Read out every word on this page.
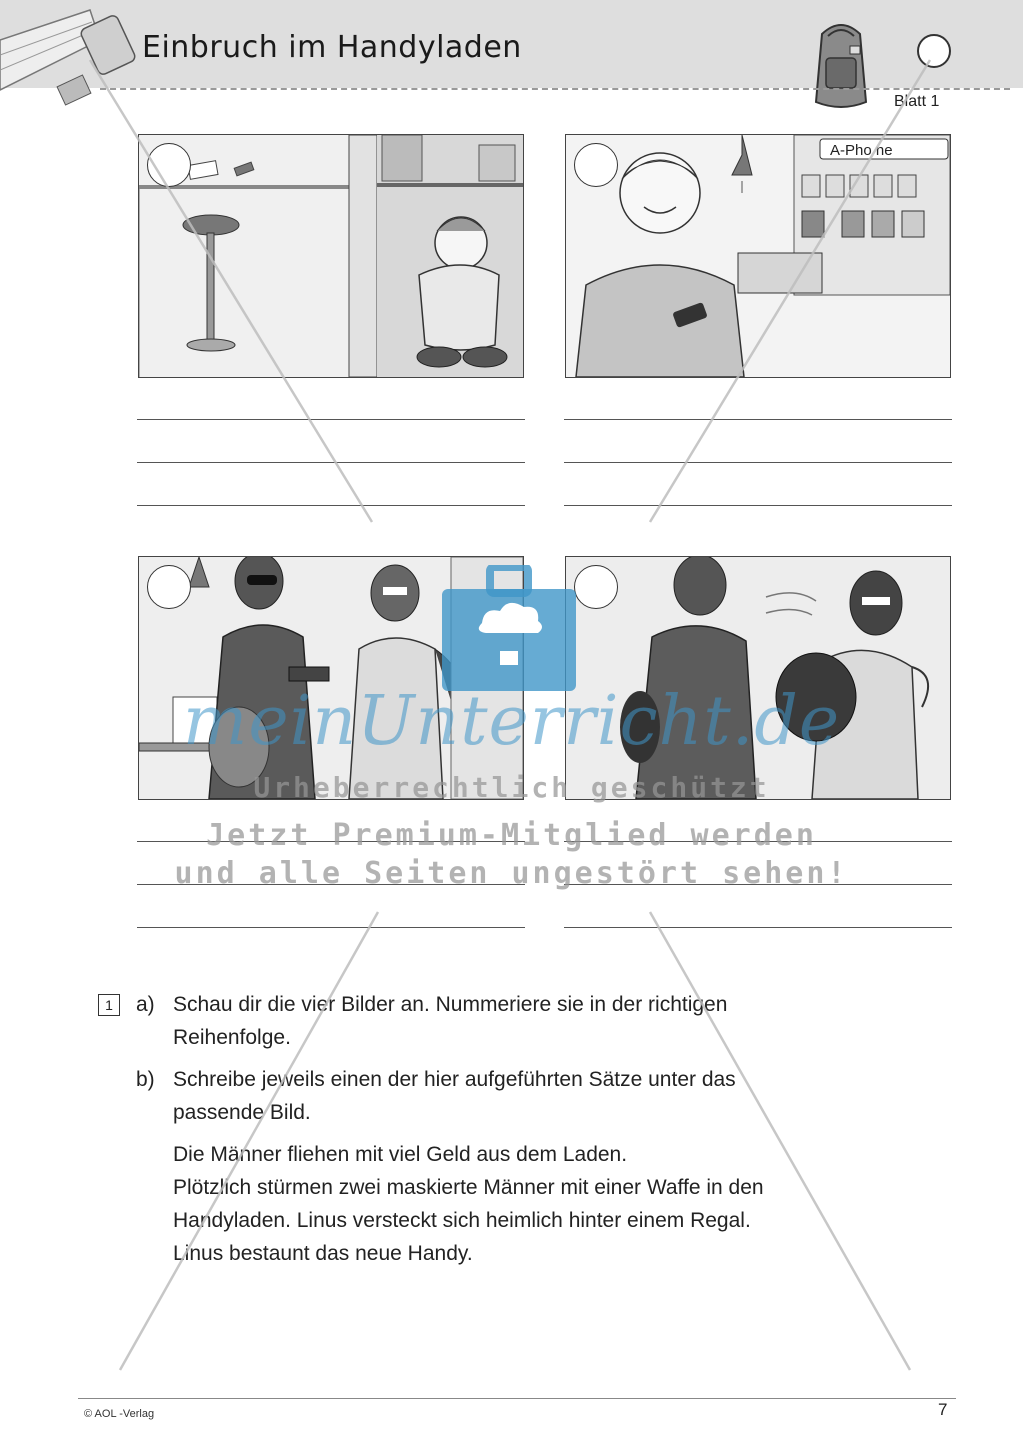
Einbruch im Handyladen
Blatt 1
A-Pho ne
1	a) Schau dir die vier Bilder an. Nummeriere sie in der richtigen
Reihenfolge.
b) Schreibe jeweils einen der hier aufgeführten Sätze unter das
passende Bild.
Die Männer fliehen mit viel Geld aus dem Laden.
Plötzlich stürmen zwei maskierte Männer mit einer Waffe in den
Handyladen. Linus versteckt sich heimlich hinter einem Regal.
Linus bestaunt das neue Handy.
© AOL -Verlag	7
meinUnterricht.de
Urheberrechtlich geschützt
Jetzt Premium-Mitglied werden
und alle Seiten ungestört sehen!
